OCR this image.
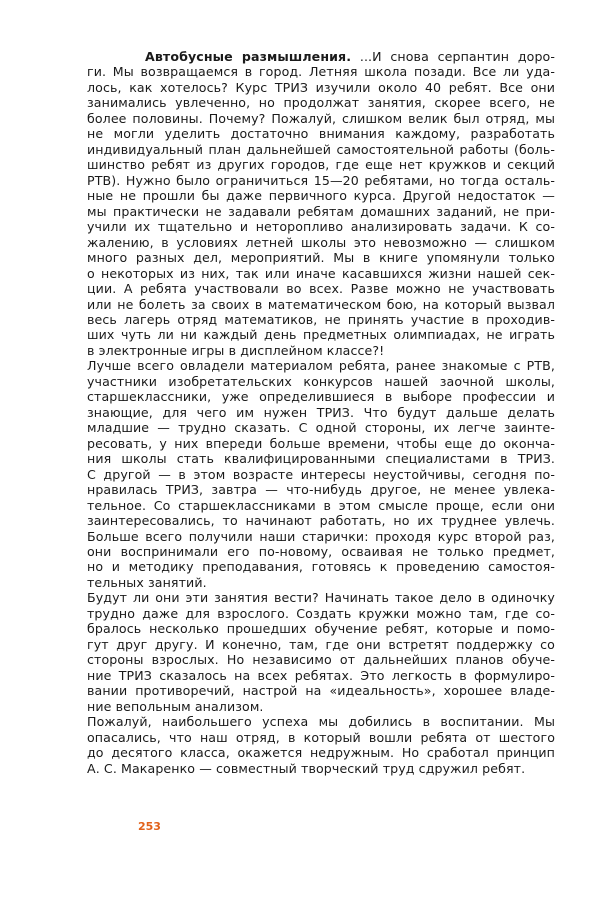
Автобусные размышления. ...И снова серпантин доро-
ги. Мы возвращаемся в город. Летняя школа позади. Все ли уда-
лось, как хотелось? Курс ТРИЗ изучили около 40 ребят. Все они
занимались увлеченно, но продолжат занятия, скорее всего, не
более половины. Почему? Пожалуй, слишком велик был отряд, мы
не могли уделить достаточно внимания каждому, разработать
индивидуальный план дальнейшей самостоятельной работы (боль-
шинство ребят из других городов, где еще нет кружков и секций
РТВ). Нужно было ограничиться 15—20 ребятами, но тогда осталь-
ные не прошли бы даже первичного курса. Другой недостаток —
мы практически не задавали ребятам домашних заданий, не при-
учили их тщательно и неторопливо анализировать задачи. К со-
жалению, в условиях летней школы это невозможно — слишком
много разных дел, мероприятий. Мы в книге упомянули только
о некоторых из них, так или иначе касавшихся жизни нашей сек-
ции. А ребята участвовали во всех. Разве можно не участвовать
или не болеть за своих в математическом бою, на который вызвал
весь лагерь отряд математиков, не принять участие в проходив-
ших чуть ли ни каждый день предметных олимпиадах, не играть
в электронные игры в дисплейном классе?!
Лучше всего овладели материалом ребята, ранее знакомые с РТВ,
участники изобретательских конкурсов нашей заочной школы,
старшеклассники, уже определившиеся в выборе профессии и
знающие, для чего им нужен ТРИЗ. Что будут дальше делать
младшие — трудно сказать. С одной стороны, их легче заинте-
ресовать, у них впереди больше времени, чтобы еще до оконча-
ния школы стать квалифицированными специалистами в ТРИЗ.
С другой — в этом возрасте интересы неустойчивы, сегодня по-
нравилась ТРИЗ, завтра — что-нибудь другое, не менее увлека-
тельное. Со старшеклассниками в этом смысле проще, если они
заинтересовались, то начинают работать, но их труднее увлечь.
Больше всего получили наши старички: проходя курс второй раз,
они воспринимали его по-новому, осваивая не только предмет,
но и методику преподавания, готовясь к проведению самостоя-
тельных занятий.
Будут ли они эти занятия вести? Начинать такое дело в одиночку
трудно даже для взрослого. Создать кружки можно там, где со-
бралось несколько прошедших обучение ребят, которые и помо-
гут друг другу. И конечно, там, где они встретят поддержку со
стороны взрослых. Но независимо от дальнейших планов обуче-
ние ТРИЗ сказалось на всех ребятах. Это легкость в формулиро-
вании противоречий, настрой на «идеальность», хорошее владе-
ние вепольным анализом.
Пожалуй, наибольшего успеха мы добились в воспитании. Мы
опасались, что наш отряд, в который вошли ребята от шестого
до десятого класса, окажется недружным. Но сработал принцип
А. С. Макаренко — совместный творческий труд сдружил ребят.
253
